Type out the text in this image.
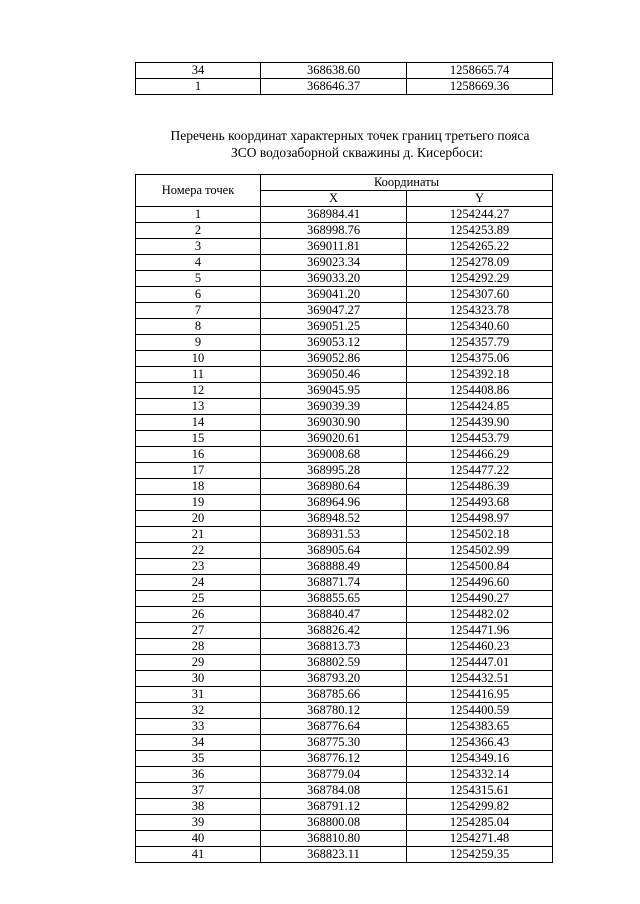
34	368638.60	1258665.74
1	368646.37	1258669.36
Перечень координат характерных точек границ третьего пояса
ЗСО водозаборной скважины д. Кисербоси:
Номера точек	Координаты	
	X	Y
1	368984.41	1254244.27
2	368998.76	1254253.89
3	369011.81	1254265.22
4	369023.34	1254278.09
5	369033.20	1254292.29
6	369041.20	1254307.60
7	369047.27	1254323.78
8	369051.25	1254340.60
9	369053.12	1254357.79
10	369052.86	1254375.06
11	369050.46	1254392.18
12	369045.95	1254408.86
13	369039.39	1254424.85
14	369030.90	1254439.90
15	369020.61	1254453.79
16	369008.68	1254466.29
17	368995.28	1254477.22
18	368980.64	1254486.39
19	368964.96	1254493.68
20	368948.52	1254498.97
21	368931.53	1254502.18
22	368905.64	1254502.99
23	368888.49	1254500.84
24	368871.74	1254496.60
25	368855.65	1254490.27
26	368840.47	1254482.02
27	368826.42	1254471.96
28	368813.73	1254460.23
29	368802.59	1254447.01
30	368793.20	1254432.51
31	368785.66	1254416.95
32	368780.12	1254400.59
33	368776.64	1254383.65
34	368775.30	1254366.43
35	368776.12	1254349.16
36	368779.04	1254332.14
37	368784.08	1254315.61
38	368791.12	1254299.82
39	368800.08	1254285.04
40	368810.80	1254271.48
41	368823.11	1254259.35
